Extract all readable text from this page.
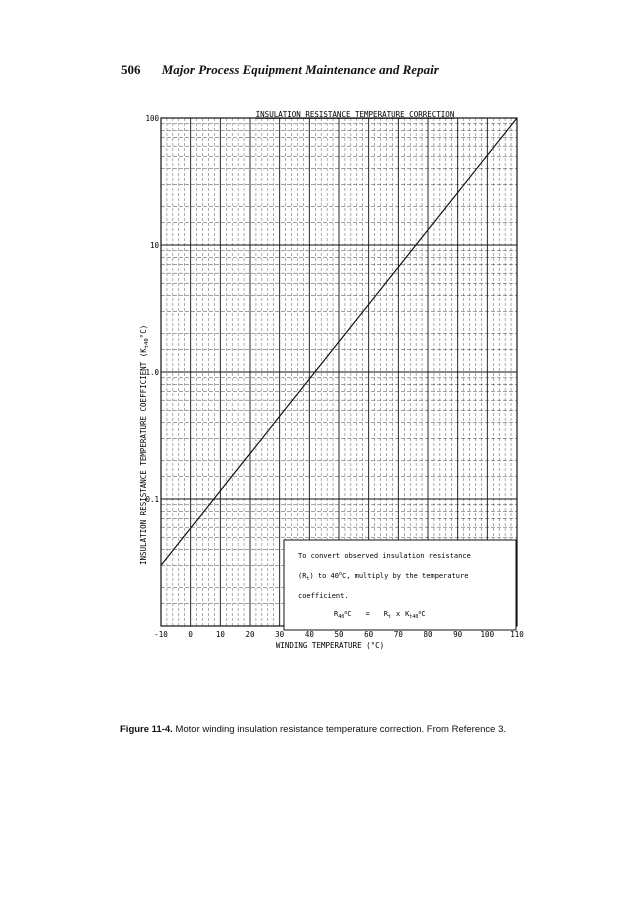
506 Major Process Equipment Maintenance and Repair
INSULATION RESISTANCE TEMPERATURE CORRECTION
100
10
1.0
0.1
-10	0	10	20	30	40	50	60	70	80	90 100 110
WINDING TEMPERATURE (°C)
INSULATION RESISTANCE TEMPERATURE COEFFICIENT $(K_{t40}^\circ C)$
To convert observed insulation resistance
$(R_t)$ to 40$^o$C, multiply by the temperature
coefficient.
$R_{40}^oC = R_t$ x $K_{t40}^oC$
Figure 11-4. Motor winding insulation resistance temperature correction. From Reference 3.
